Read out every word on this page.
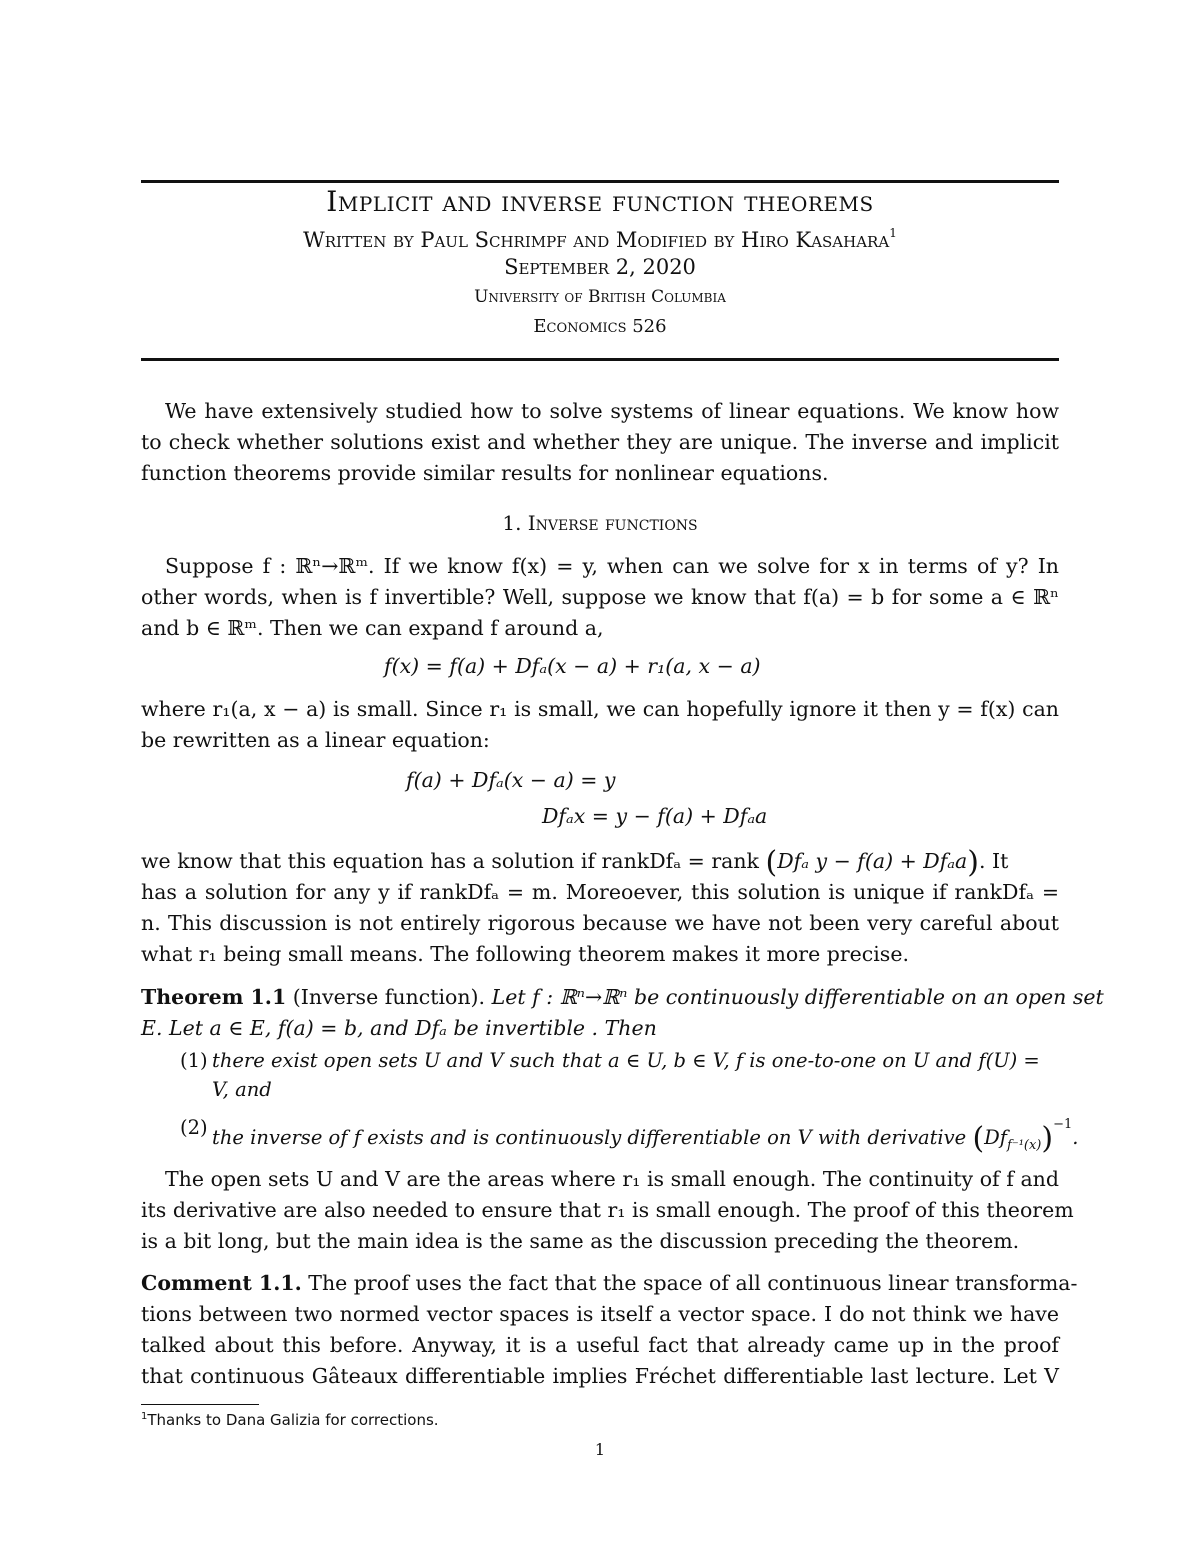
Implicit and inverse function theorems
Written by Paul Schrimpf and Modified by Hiro Kasahara$^1$
September 2, 2020
University of British Columbia
Economics 526
We have extensively studied how to solve systems of linear equations. We know how
to check whether solutions exist and whether they are unique. The inverse and implicit
function theorems provide similar results for nonlinear equations.
1. Inverse functions
Suppose f : ℝⁿ→ℝᵐ. If we know f(x) = y, when can we solve for x in terms of y? In
other words, when is f invertible? Well, suppose we know that f(a) = b for some a ∈ ℝⁿ
and b ∈ ℝᵐ. Then we can expand f around a,
f(x) = f(a) + Dfₐ(x − a) + r₁(a, x − a)
where r₁(a, x − a) is small. Since r₁ is small, we can hopefully ignore it then y = f(x) can
be rewritten as a linear equation:
f(a) + Dfₐ(x − a) = y
Dfₐx = y − f(a) + Dfₐa
we know that this equation has a solution if rankDfₐ = rank (Dfₐ y − f(a) + Dfₐa). It
has a solution for any y if rankDfₐ = m. Moreoever, this solution is unique if rankDfₐ =
n. This discussion is not entirely rigorous because we have not been very careful about
what r₁ being small means. The following theorem makes it more precise.
Theorem 1.1 (Inverse function). Let f : ℝⁿ→ℝⁿ be continuously differentiable on an open set
E. Let a ∈ E, f(a) = b, and Dfₐ be invertible . Then
(1) there exist open sets U and V such that a ∈ U, b ∈ V, f is one-to-one on U and f(U) =
V, and
(2) the inverse of f exists and is continuously differentiable on V with derivative $(Df_{f^{-1}(x)})^{-1}$.
The open sets U and V are the areas where r₁ is small enough. The continuity of f and
its derivative are also needed to ensure that r₁ is small enough. The proof of this theorem
is a bit long, but the main idea is the same as the discussion preceding the theorem.
Comment 1.1. The proof uses the fact that the space of all continuous linear transforma-
tions between two normed vector spaces is itself a vector space. I do not think we have
talked about this before. Anyway, it is a useful fact that already came up in the proof
that continuous Gâteaux differentiable implies Fréchet differentiable last lecture. Let V
$^1$Thanks to Dana Galizia for corrections.
1
